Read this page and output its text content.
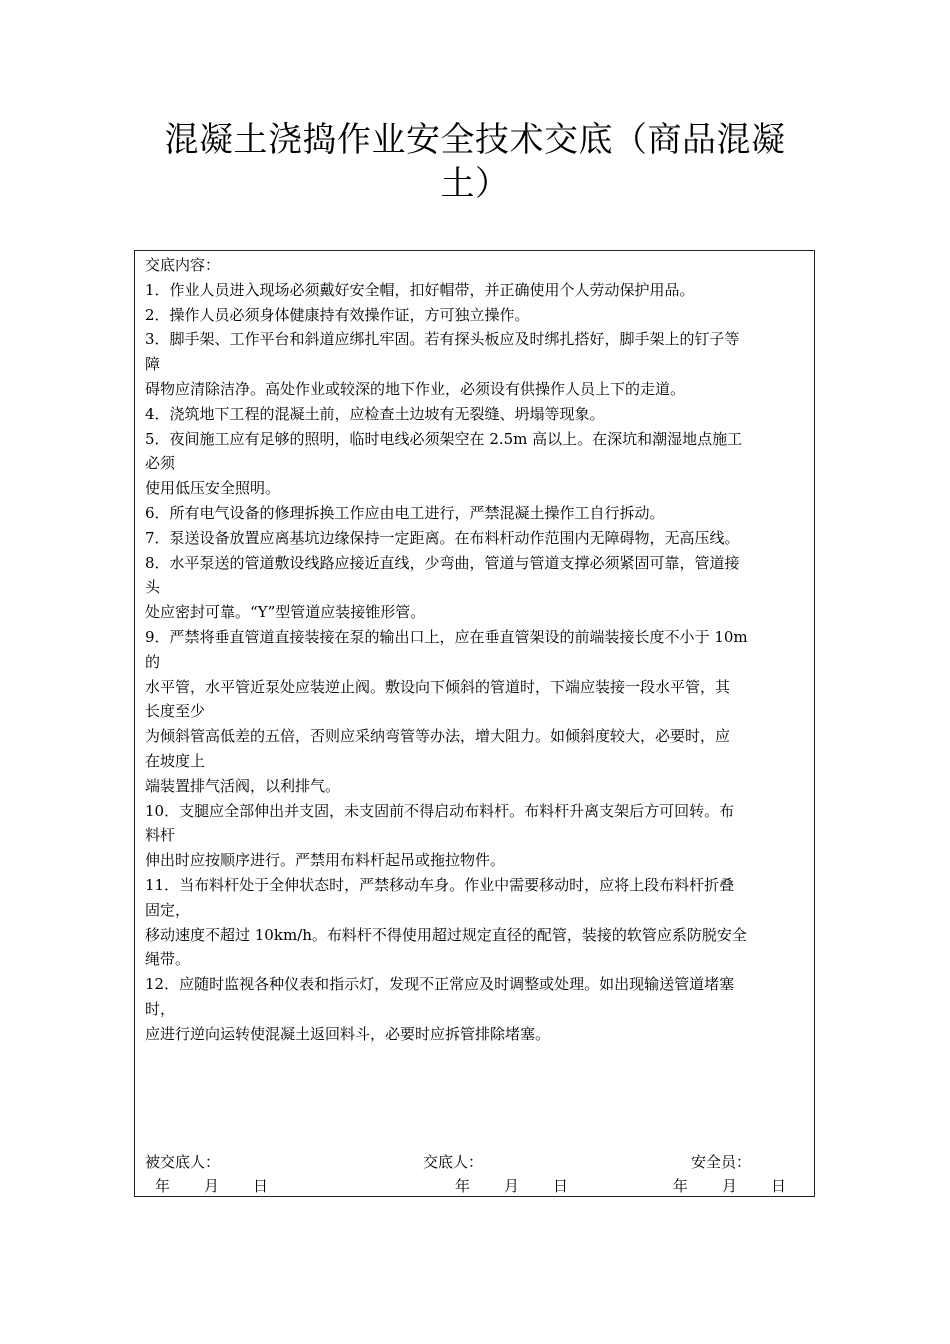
混凝土浇捣作业安全技术交底（商品混凝
土）
交底内容：
1．作业人员进入现场必须戴好安全帽，扣好帽带，并正确使用个人劳动保护用品。
2．操作人员必须身体健康持有效操作证，方可独立操作。
3．脚手架、工作平台和斜道应绑扎牢固。若有探头板应及时绑扎搭好，脚手架上的钉子等
障
碍物应清除洁净。高处作业或较深的地下作业，必须设有供操作人员上下的走道。
4．浇筑地下工程的混凝土前，应检查土边坡有无裂缝、坍塌等现象。
5．夜间施工应有足够的照明，临时电线必须架空在 2.5m 高以上。在深坑和潮湿地点施工
必须
使用低压安全照明。
6．所有电气设备的修理拆换工作应由电工进行，严禁混凝土操作工自行拆动。
7．泵送设备放置应离基坑边缘保持一定距离。在布料杆动作范围内无障碍物，无高压线。
8．水平泵送的管道敷设线路应接近直线，少弯曲，管道与管道支撑必须紧固可靠，管道接
头
处应密封可靠。“Y”型管道应装接锥形管。
9．严禁将垂直管道直接装接在泵的输出口上，应在垂直管架设的前端装接长度不小于 10m
的
水平管，水平管近泵处应装逆止阀。敷设向下倾斜的管道时，下端应装接一段水平管，其
长度至少
为倾斜管高低差的五倍，否则应采纳弯管等办法，增大阻力。如倾斜度较大，必要时，应
在坡度上
端装置排气活阀，以利排气。
10．支腿应全部伸出并支固，未支固前不得启动布料杆。布料杆升离支架后方可回转。布
料杆
伸出时应按顺序进行。严禁用布料杆起吊或拖拉物件。
11．当布料杆处于全伸状态时，严禁移动车身。作业中需要移动时，应将上段布料杆折叠
固定，
移动速度不超过 10km/h。布料杆不得使用超过规定直径的配管，装接的软管应系防脱安全
绳带。
12．应随时监视各种仪表和指示灯，发现不正常应及时调整或处理。如出现输送管道堵塞
时，
应进行逆向运转使混凝土返回料斗，必要时应拆管排除堵塞。
被交底人：	交底人：	安全员：
年 月 日	年 月 日	年 月 日
